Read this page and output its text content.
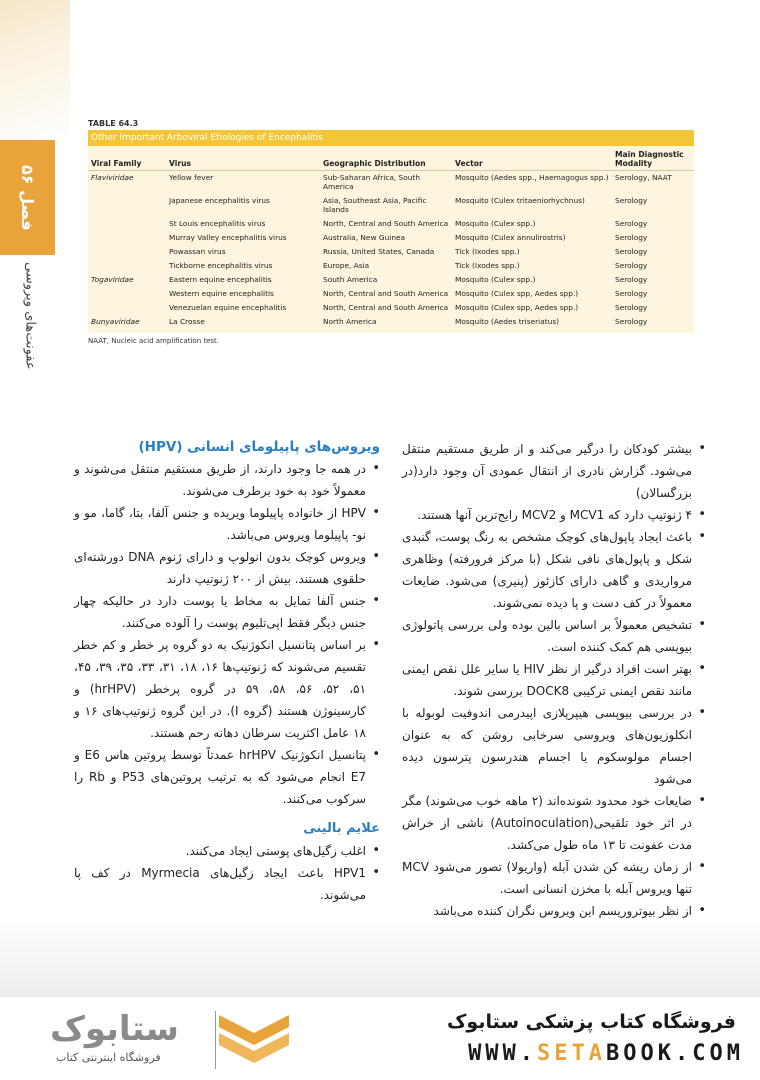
فصل ۵۶
عفونت‌های ویروسی
TABLE 64.3
Other Important Arboviral Etiologies of Encephalitis
Viral Family	Virus	Geographic Distribution	Vector	Main Diagnostic Modality
Flaviviridae	Yellow fever	Sub-Saharan Africa, South America	Mosquito (Aedes spp., Haemagogus spp.)	Serology, NAAT
	Japanese encephalitis virus	Asia, Southeast Asia, Pacific Islands	Mosquito (Culex tritaeniorhychnus)	Serology
	St Louis encephalitis virus	North, Central and South America	Mosquito (Culex spp.)	Serology
	Murray Valley encephalitis virus	Australia, New Guinea	Mosquito (Culex annulirostris)	Serology
	Powassan virus	Russia, United States, Canada	Tick (Ixodes spp.)	Serology
	Tickborne encephalitis virus	Europe, Asia	Tick (Ixodes spp.)	Serology
Togaviridae	Eastern equine encephalitis	South America	Mosquito (Culex spp.)	Serology
	Western equine encephalitis	North, Central and South America	Mosquito (Culex spp, Aedes spp.)	Serology
	Venezuelan equine encephalitis	North, Central and South America	Mosquito (Culex spp, Aedes spp.)	Serology
Bunyaviridae	La Crosse	North America	Mosquito (Aedes triseriatus)	Serology
NAAT, Nucleic acid amplification test.
• بیشتر کودکان را درگیر می‌کند و از طریق مستقیم منتقل می‌شود. گزارش نادری از انتقال عمودی آن وجود دارد(در بزرگسالان)
• ۴ ژنوتیپ دارد که MCV1 و MCV2 رایج‌ترین آنها هستند.
• باعث ایجاد پاپول‌های کوچک مشخص به رنگ پوست، گنبدی شکل و پاپول‌های نافی شکل (با مرکز فرورفته) وظاهری مرواریدی و گاهی دارای کازئوز (پنیری) می‌شود. ضایعات معمولاً در کف دست و پا دیده نمی‌شوند.
• تشخیص معمولاً بر اساس بالین بوده ولی بررسی پاتولوژی بیوپسی هم کمک کننده است.
• بهتر است افراد درگیر از نظر HIV یا سایر علل نقص ایمنی مانند نقص ایمنی ترکیبی DOCK8 بررسی شوند.
• در بررسی بیوپسی هیپرپلازی اپیدرمی اندوفیت لوبوله با انکلوزیون‌های ویروسی سرخابی روشن که به عنوان اجسام مولوسکوم یا اجسام هندرسون پترسون دیده می‌شود
• ضایعات خود محدود شونده‌اند (۲ ماهه خوب می‌شوند) مگر در اثر خود تلقیحی(Autoinoculation) ناشی از خراش مدت عفونت تا ۱۳ ماه طول می‌کشد.
• از زمان ریشه کن شدن آبله (واریولا) تصور می‌شود MCV تنها ویروس آبله با مخزن انسانی است.
• از نظر بیوتروریسم این ویروس نگران کننده می‌باشد
ویروس‌های پاپیلومای انسانی (HPV)
• در همه جا وجود دارند، از طریق مستقیم منتقل می‌شوند و معمولاً خود به خود برطرف می‌شوند.
• HPV از خانواده پاپیلوما ویریده و جنس آلفا، بتا، گاما، مو و نو- پاپیلوما ویروس می‌باشد.
• ویروس کوچک بدون انولوپ و دارای ژنوم DNA دورشته‌ای حلقوی هستند. بیش از ۲۰۰ ژنوتیپ دارند
• جنس آلفا تمایل به مخاط یا پوست دارد در حالیکه چهار جنس دیگر فقط اپی‌تلیوم پوست را آلوده می‌کنند.
• بر اساس پتانسیل انکوژنیک به دو گروه پر خطر و کم خطر تقسیم می‌شوند که ژنوتیپ‌ها ۱۶، ۱۸، ۳۱، ۳۳، ۳۵، ۳۹، ۴۵، ۵۱، ۵۲، ۵۶، ۵۸، ۵۹ در گروه پرخطر (hrHPV) و کارسینوژن هستند (گروه I). در این گروه ژنوتیپ‌های ۱۶ و ۱۸ عامل اکثریت سرطان دهانه رحم هستند.
• پتانسیل انکوژنیک hrHPV عمدتاً توسط پروتین هاس E6 و E7 انجام می‌شود که به ترتیب پروتین‌های P53 و Rb را سرکوب می‌کنند.
علایم بالینی
• اغلب زگیل‌های پوستی ایجاد می‌کنند.
• HPV1 باعث ایجاد زگیل‌های Myrmecia در کف پا می‌شوند.
فروشگاه کتاب پزشکی ستابوک
WWW.SETABOOK.COM
ستابوک
فروشگاه اینترنتی کتاب
